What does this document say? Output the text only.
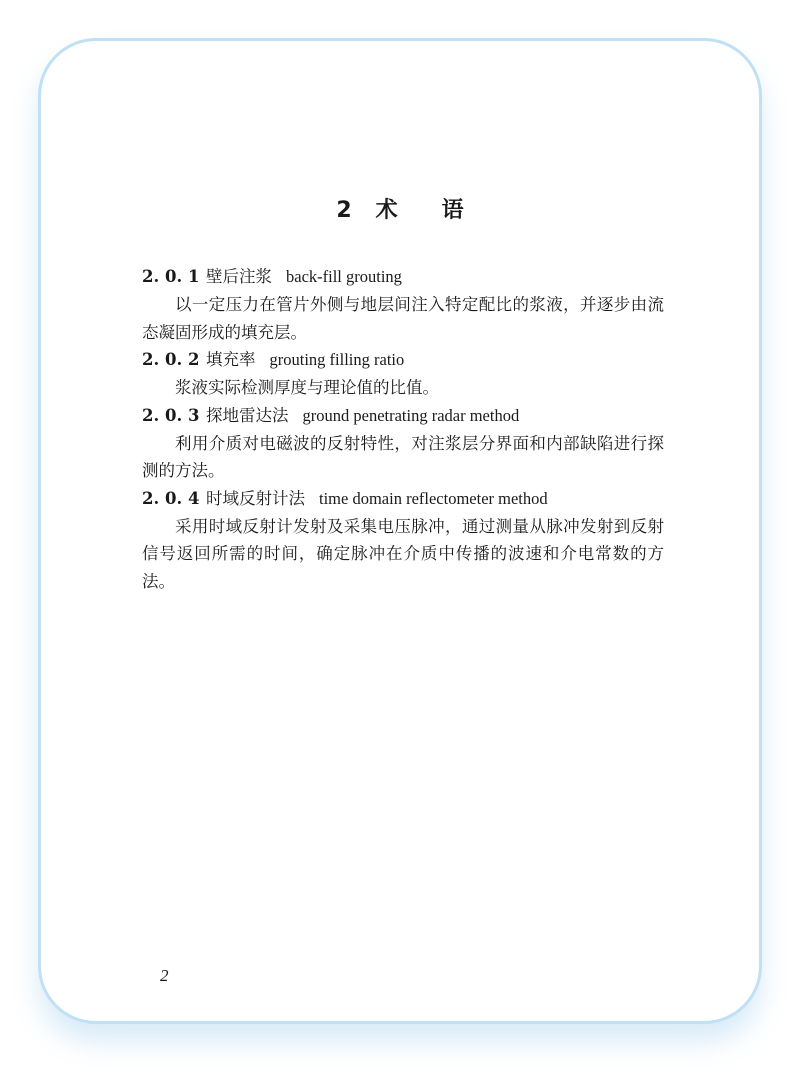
2 术 语
2. 0. 1 壁后注浆 back-fill grouting

以一定压力在管片外侧与地层间注入特定配比的浆液，并逐步由流态凝固形成的填充层。

2. 0. 2 填充率 grouting filling ratio

浆液实际检测厚度与理论值的比值。

2. 0. 3 探地雷达法 ground penetrating radar method

利用介质对电磁波的反射特性，对注浆层分界面和内部缺陷进行探测的方法。

2. 0. 4 时域反射计法 time domain reflectometer method

采用时域反射计发射及采集电压脉冲，通过测量从脉冲发射到反射信号返回所需的时间，确定脉冲在介质中传播的波速和介电常数的方法。

2
